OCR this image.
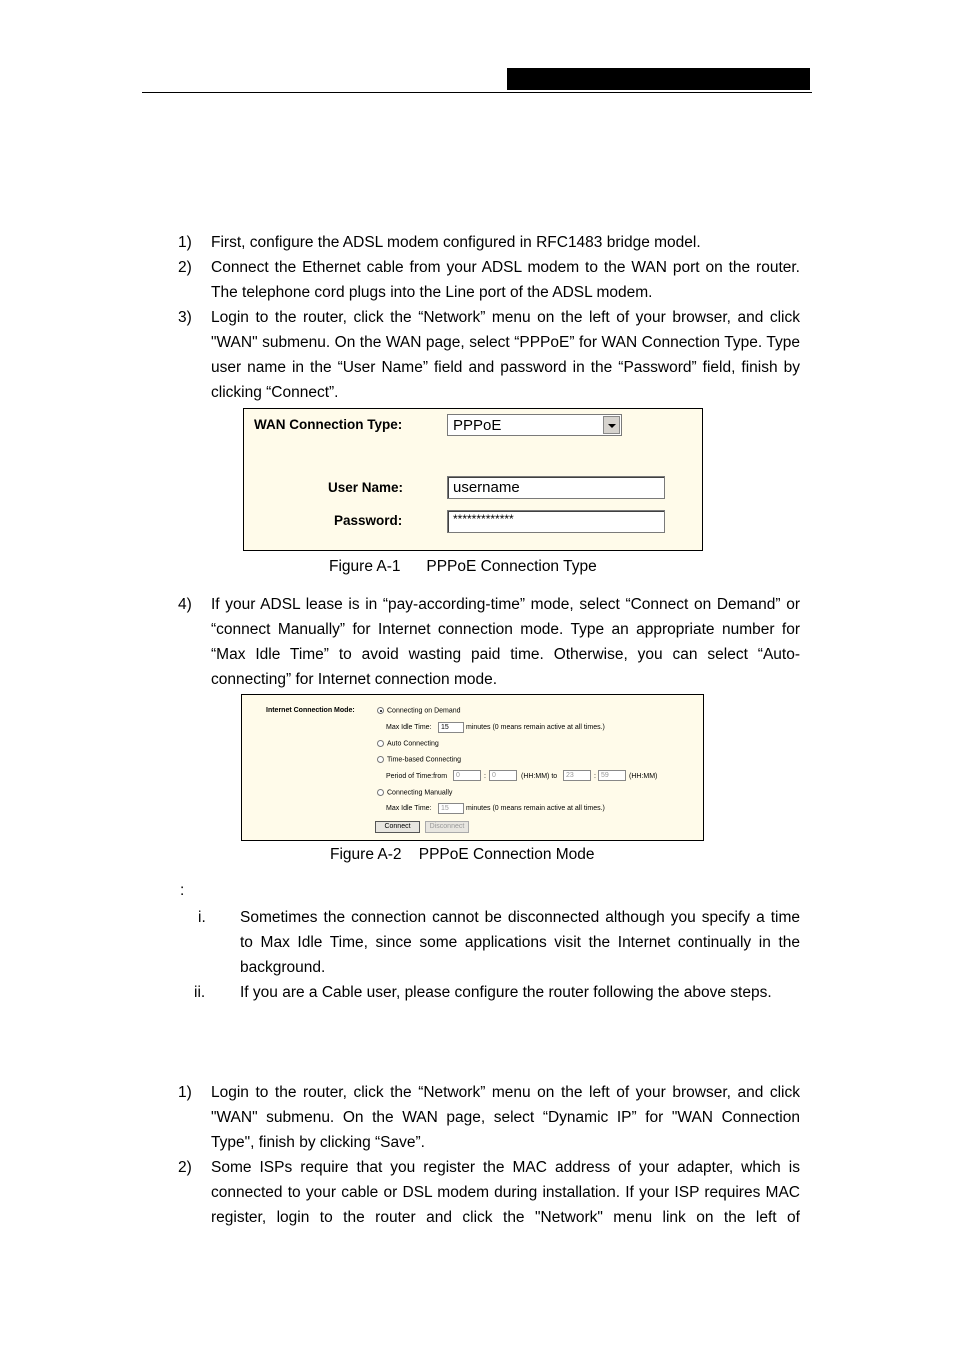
1) First, configure the ADSL modem configured in RFC1483 bridge model.
2) Connect the Ethernet cable from your ADSL modem to the WAN port on the router. The telephone cord plugs into the Line port of the ADSL modem.
3) Login to the router, click the “Network” menu on the left of your browser, and click "WAN" submenu. On the WAN page, select “PPPoE” for WAN Connection Type. Type user name in the “User Name” field and password in the “Password” field, finish by clicking “Connect”.
WAN Connection Type:	PPPoE
User Name:	username
Password:	*************
Figure A-1 PPPoE Connection Type
4) If your ADSL lease is in “pay-according-time” mode, select “Connect on Demand” or “connect Manually” for Internet connection mode. Type an appropriate number for “Max Idle Time” to avoid wasting paid time. Otherwise, you can select “Auto-connecting” for Internet connection mode.
Internet Connection Mode:	Connecting on Demand
Max Idle Time: 15 minutes (0 means remain active at all times.)
Auto Connecting
Time-based Connecting
Period of Time:from 0	: 0	(HH:MM) to 23	: 59	(HH:MM)
Connecting Manually
Max Idle Time: 15 minutes (0 means remain active at all times.)
Connect	Disconnect
Figure A-2 PPPoE Connection Mode
:
i. Sometimes the connection cannot be disconnected although you specify a time to Max Idle Time, since some applications visit the Internet continually in the background.
ii. If you are a Cable user, please configure the router following the above steps.
1) Login to the router, click the “Network” menu on the left of your browser, and click "WAN" submenu. On the WAN page, select “Dynamic IP” for "WAN Connection Type", finish by clicking “Save”.
2) Some ISPs require that you register the MAC address of your adapter, which is connected to your cable or DSL modem during installation. If your ISP requires MAC register, login to the router and click the "Network" menu link on the left of
